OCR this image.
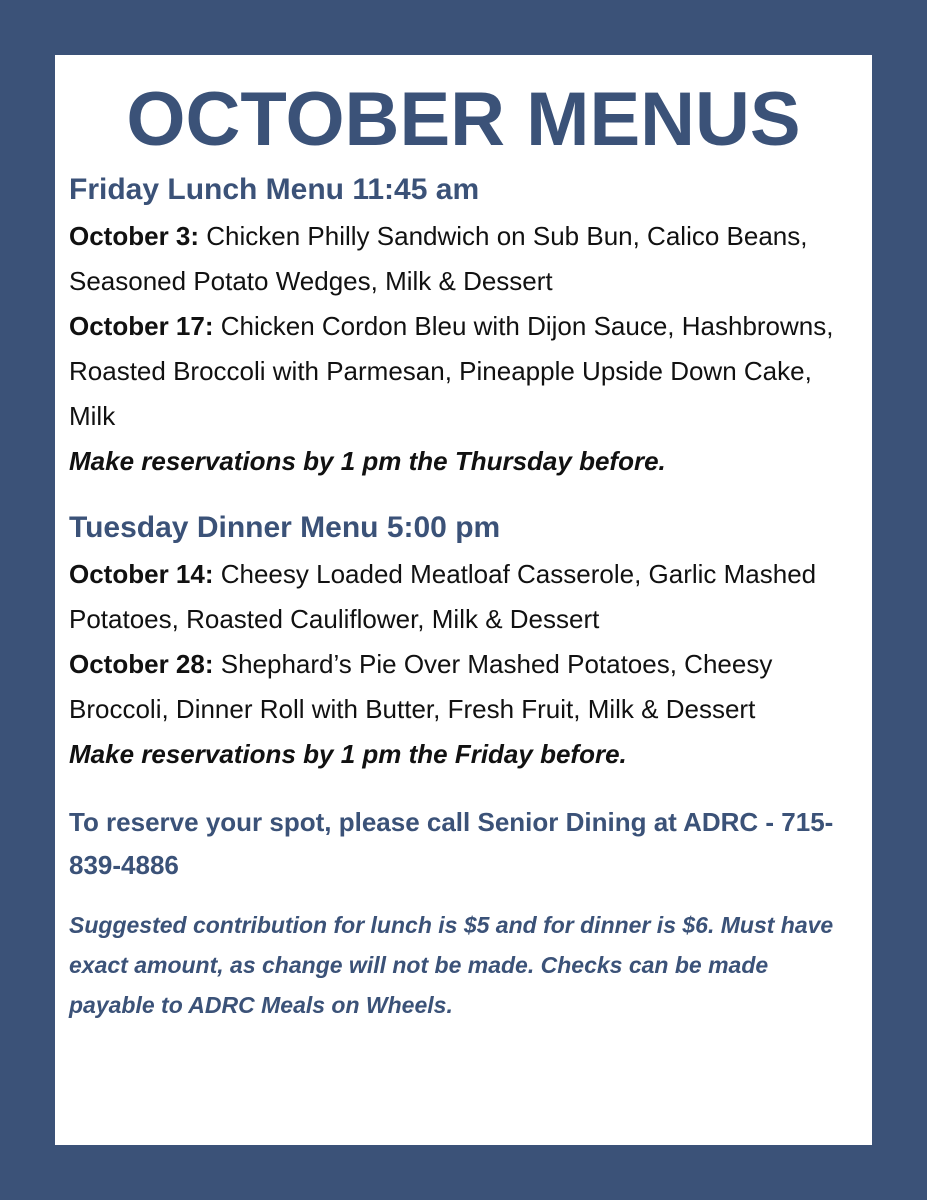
OCTOBER MENUS
Friday Lunch Menu 11:45 am

October 3: Chicken Philly Sandwich on Sub Bun, Calico Beans, Seasoned Potato Wedges, Milk & Dessert

October 17: Chicken Cordon Bleu with Dijon Sauce, Hashbrowns, Roasted Broccoli with Parmesan, Pineapple Upside Down Cake, Milk

Make reservations by 1 pm the Thursday before.

Tuesday Dinner Menu 5:00 pm

October 14: Cheesy Loaded Meatloaf Casserole, Garlic Mashed Potatoes, Roasted Cauliflower, Milk & Dessert

October 28: Shephard’s Pie Over Mashed Potatoes, Cheesy Broccoli, Dinner Roll with Butter, Fresh Fruit, Milk & Dessert

Make reservations by 1 pm the Friday before.

To reserve your spot, please call Senior Dining at ADRC - 715-839-4886

Suggested contribution for lunch is $5 and for dinner is $6. Must have exact amount, as change will not be made. Checks can be made payable to ADRC Meals on Wheels.
